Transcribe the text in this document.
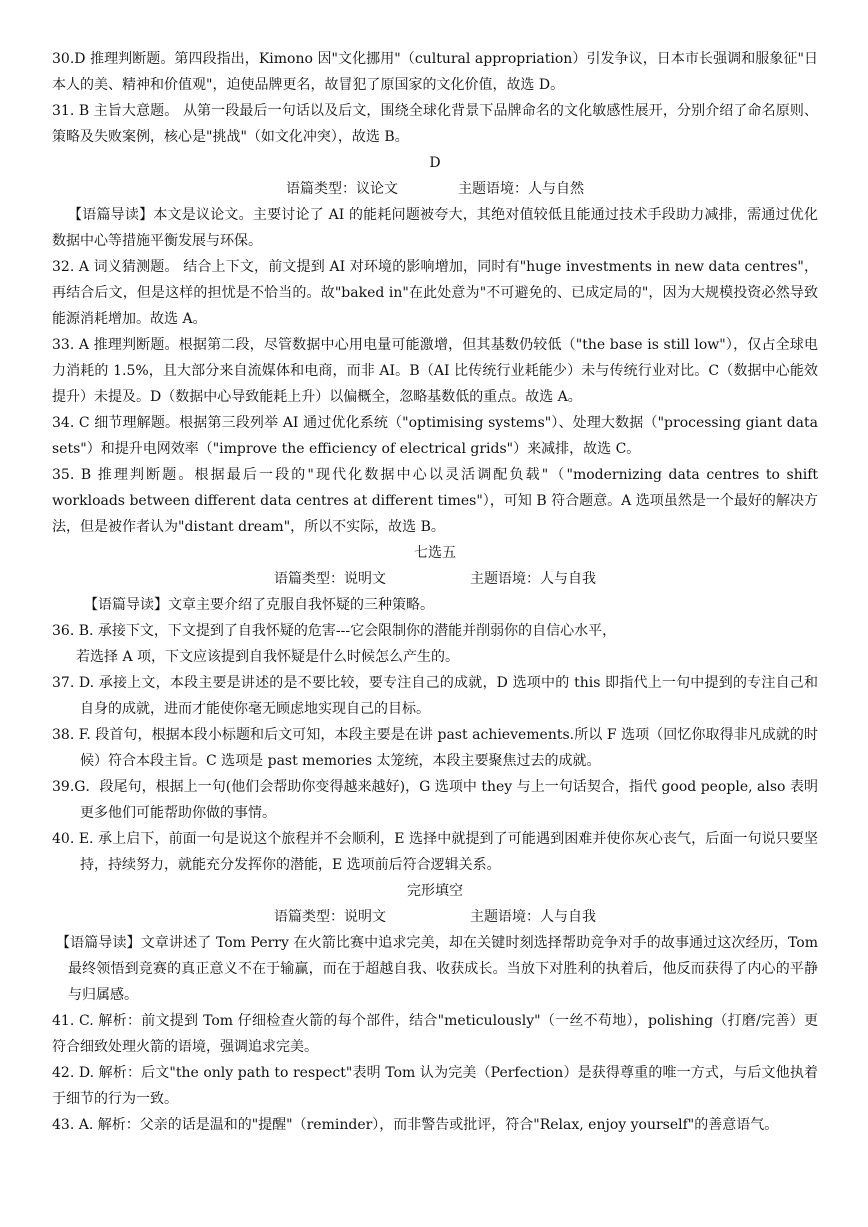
30.D 推理判断题。第四段指出，Kimono 因"文化挪用"（cultural appropriation）引发争议，日本市长强调和服象征"日本人的美、精神和价值观"，迫使品牌更名，故冒犯了原国家的文化价值，故选 D。

31. B 主旨大意题。 从第一段最后一句话以及后文，围绕全球化背景下品牌命名的文化敏感性展开，分别介绍了命名原则、策略及失败案例，核心是"挑战"（如文化冲突），故选 B。

D

语篇类型：议论文	主题语境：人与自然

【语篇导读】本文是议论文。主要讨论了 AI 的能耗问题被夸大，其绝对值较低且能通过技术手段助力减排，需通过优化数据中心等措施平衡发展与环保。

32. A 词义猜测题。 结合上下文，前文提到 AI 对环境的影响增加，同时有"huge investments in new data centres"，再结合后文，但是这样的担忧是不恰当的。故"baked in"在此处意为"不可避免的、已成定局的"，因为大规模投资必然导致能源消耗增加。故选 A。

33. A 推理判断题。根据第二段，尽管数据中心用电量可能激增，但其基数仍较低（"the base is still low"），仅占全球电力消耗的 1.5%，且大部分来自流媒体和电商，而非 AI。B（AI 比传统行业耗能少）未与传统行业对比。C（数据中心能效提升）未提及。D（数据中心导致能耗上升）以偏概全，忽略基数低的重点。故选 A。

34. C 细节理解题。根据第三段列举 AI 通过优化系统（"optimising systems"）、处理大数据（"processing giant data sets"）和提升电网效率（"improve the efficiency of electrical grids"）来减排，故选 C。

35. B 推理判断题。根据最后一段的"现代化数据中心以灵活调配负载"（"modernizing data centres to shift workloads between different data centres at different times"），可知 B 符合题意。A 选项虽然是一个最好的解决方法，但是被作者认为"distant dream"，所以不实际，故选 B。

七选五

语篇类型：说明文	主题语境：人与自我

【语篇导读】文章主要介绍了克服自我怀疑的三种策略。

36. B. 承接下文，下文提到了自我怀疑的危害---它会限制你的潜能并削弱你的自信心水平，

若选择 A 项，下文应该提到自我怀疑是什么时候怎么产生的。

37. D. 承接上文，本段主要是讲述的是不要比较，要专注自己的成就，D 选项中的 this 即指代上一句中提到的专注自己和自身的成就，进而才能使你毫无顾虑地实现自己的目标。

38. F. 段首句，根据本段小标题和后文可知，本段主要是在讲 past achievements.所以 F 选项（回忆你取得非凡成就的时候）符合本段主旨。C 选项是 past memories 太笼统，本段主要聚焦过去的成就。

39.G．段尾句，根据上一句(他们会帮助你变得越来越好)，G 选项中 they 与上一句话契合，指代 good people, also 表明更多他们可能帮助你做的事情。

40. E. 承上启下，前面一句是说这个旅程并不会顺利，E 选择中就提到了可能遇到困难并使你灰心丧气，后面一句说只要坚持，持续努力，就能充分发挥你的潜能，E 选项前后符合逻辑关系。

完形填空

语篇类型：说明文	主题语境：人与自我

【语篇导读】文章讲述了 Tom Perry 在火箭比赛中追求完美，却在关键时刻选择帮助竞争对手的故事通过这次经历，Tom 最终领悟到竞赛的真正意义不在于输赢，而在于超越自我、收获成长。当放下对胜利的执着后，他反而获得了内心的平静与归属感。

41. C. 解析：前文提到 Tom 仔细检查火箭的每个部件，结合"meticulously"（一丝不苟地），polishing（打磨/完善）更符合细致处理火箭的语境，强调追求完美。

42. D. 解析：后文"the only path to respect"表明 Tom 认为完美（Perfection）是获得尊重的唯一方式，与后文他执着于细节的行为一致。

43. A. 解析：父亲的话是温和的"提醒"（reminder），而非警告或批评，符合"Relax, enjoy yourself"的善意语气。
